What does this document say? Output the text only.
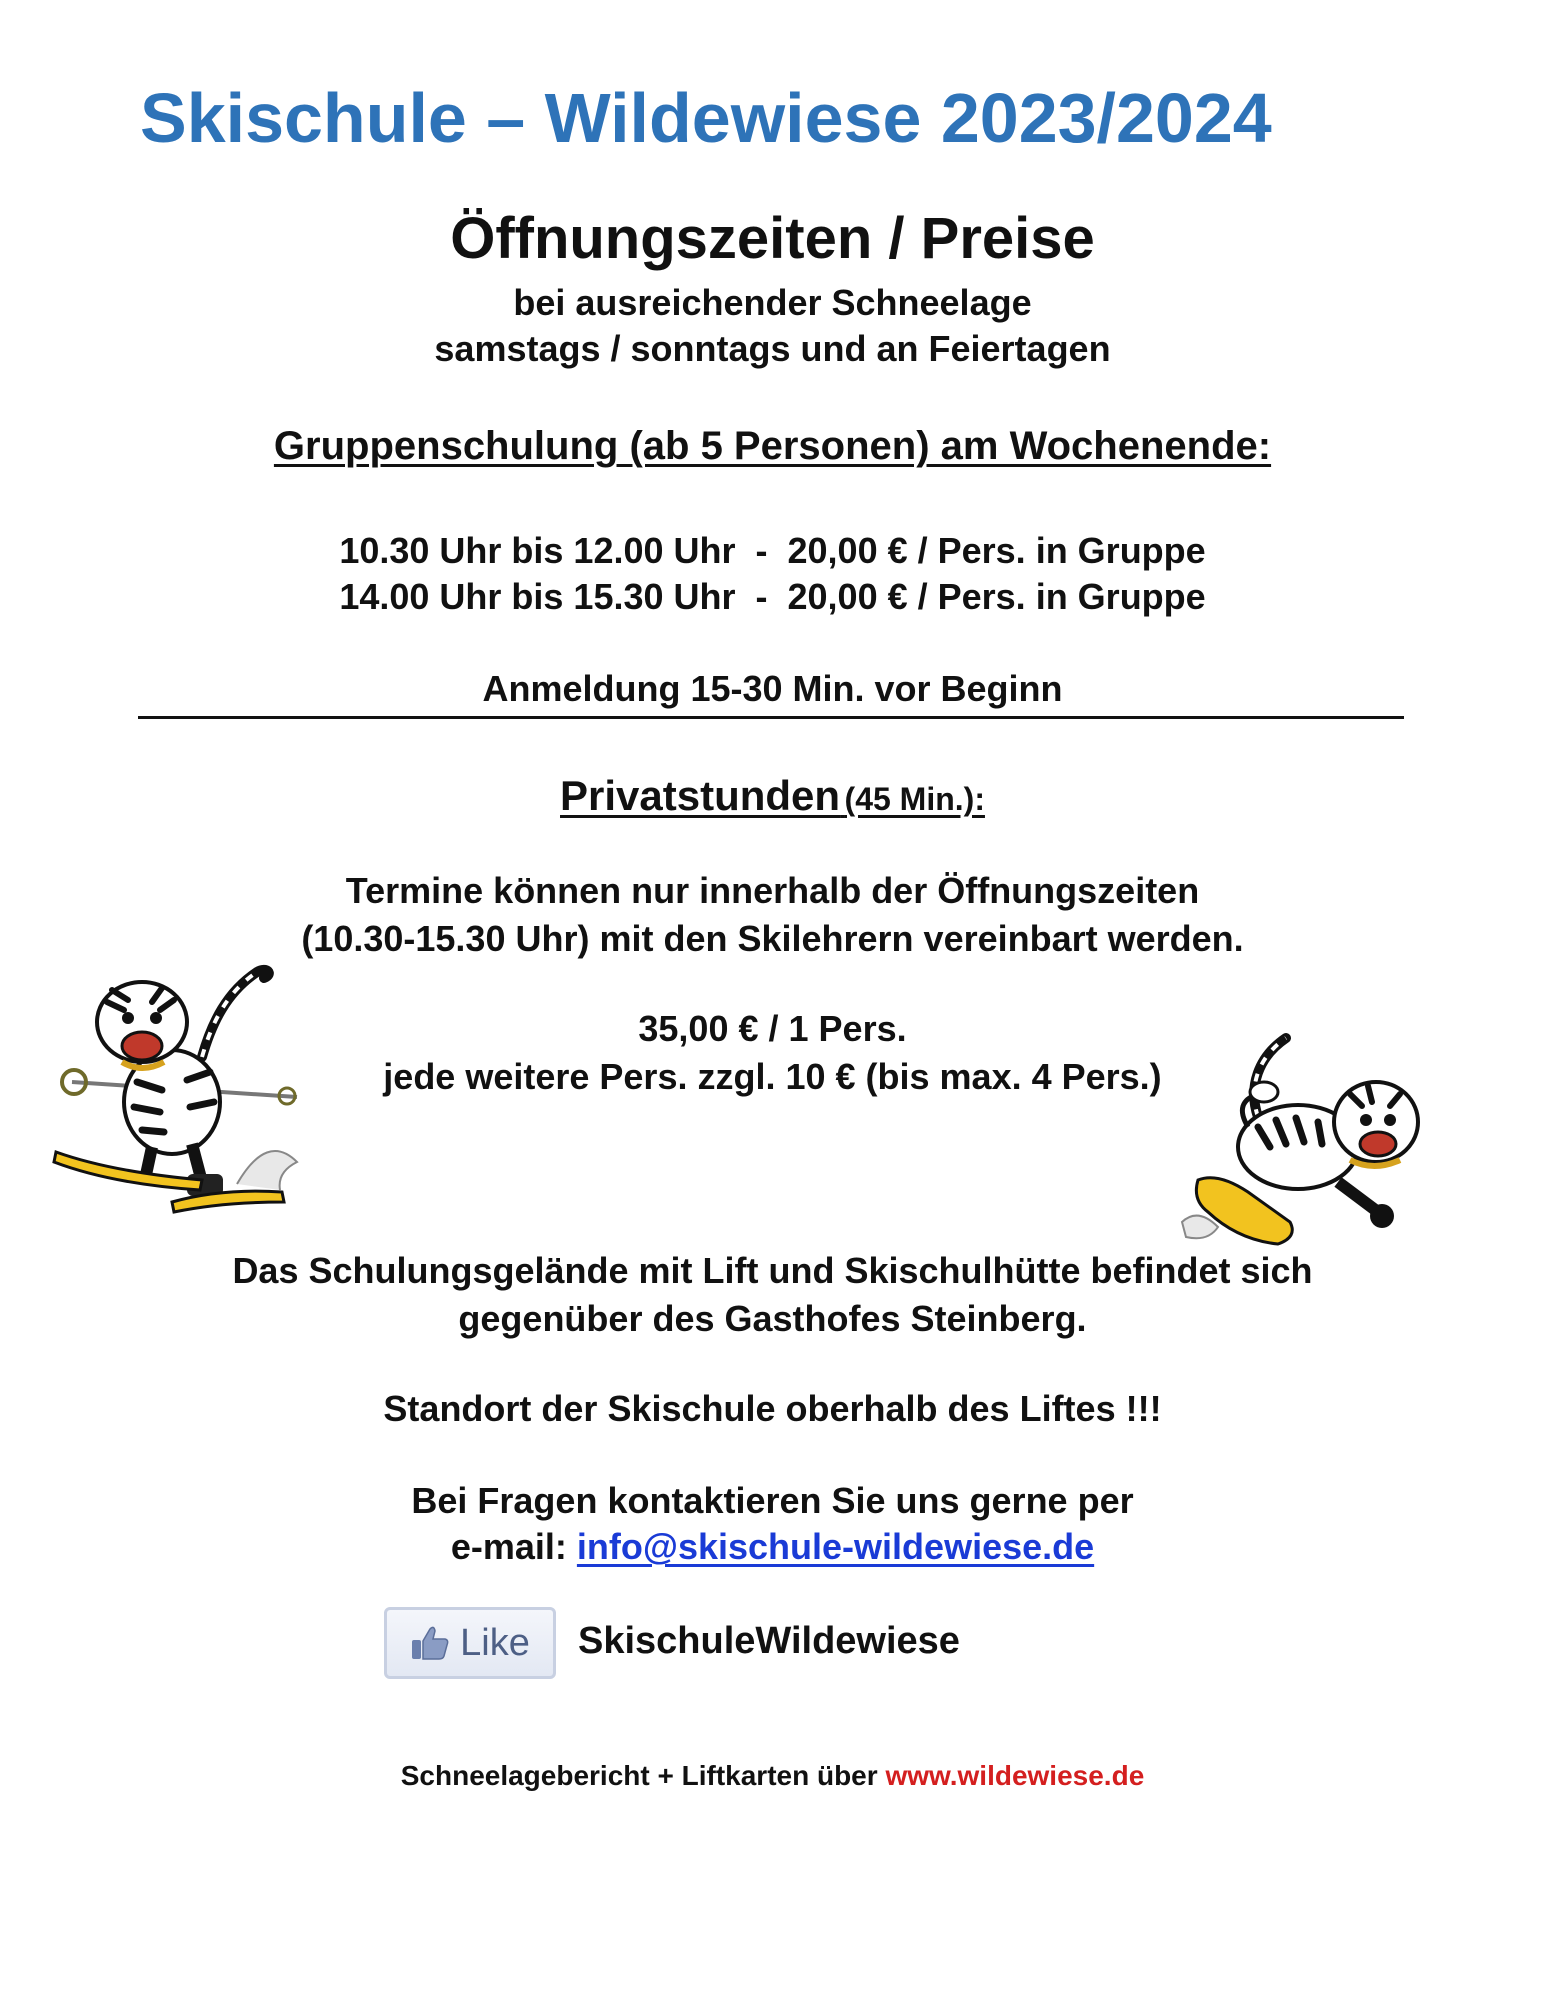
Skischule – Wildewiese 2023/2024
Öffnungszeiten / Preise
bei ausreichender Schneelage
samstags / sonntags und an Feiertagen
Gruppenschulung (ab 5 Personen) am Wochenende:
10.30 Uhr bis 12.00 Uhr  -  20,00 € / Pers. in Gruppe
14.00 Uhr bis 15.30 Uhr  -  20,00 € / Pers. in Gruppe
Anmeldung 15-30 Min. vor Beginn
Privatstunden (45 Min.):
Termine können nur innerhalb der Öffnungszeiten
(10.30-15.30 Uhr) mit den Skilehrern vereinbart werden.
35,00 € / 1 Pers.
jede weitere Pers. zzgl. 10 € (bis max. 4 Pers.)
Das Schulungsgelände mit Lift und Skischulhütte befindet sich
gegenüber des Gasthofes Steinberg.
Standort der Skischule oberhalb des Liftes !!!
Bei Fragen kontaktieren Sie uns gerne per
e-mail: info@skischule-wildewiese.de
Like SkischuleWildewiese
Schneelagebericht + Liftkarten über www.wildewiese.de
